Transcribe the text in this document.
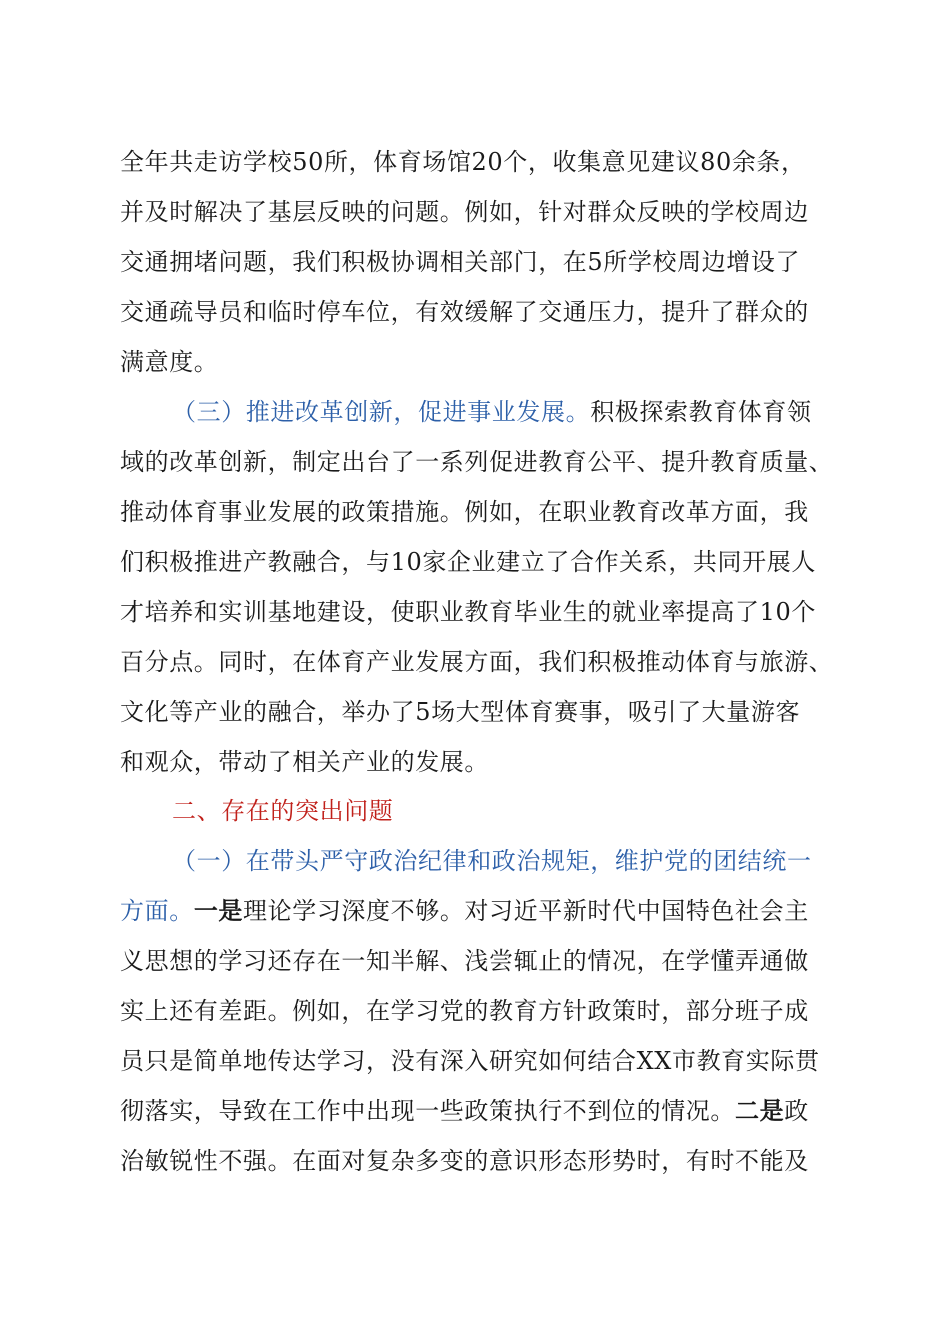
全年共走访学校50所，体育场馆20个，收集意见建议80余条，
并及时解决了基层反映的问题。例如，针对群众反映的学校周边
交通拥堵问题，我们积极协调相关部门，在5所学校周边增设了
交通疏导员和临时停车位，有效缓解了交通压力，提升了群众的
满意度。
（三）推进改革创新，促进事业发展。积极探索教育体育领
域的改革创新，制定出台了一系列促进教育公平、提升教育质量、
推动体育事业发展的政策措施。例如，在职业教育改革方面，我
们积极推进产教融合，与10家企业建立了合作关系，共同开展人
才培养和实训基地建设，使职业教育毕业生的就业率提高了10个
百分点。同时，在体育产业发展方面，我们积极推动体育与旅游、
文化等产业的融合，举办了5场大型体育赛事，吸引了大量游客
和观众，带动了相关产业的发展。
二、存在的突出问题
（一）在带头严守政治纪律和政治规矩，维护党的团结统一
方面。一是理论学习深度不够。对习近平新时代中国特色社会主
义思想的学习还存在一知半解、浅尝辄止的情况，在学懂弄通做
实上还有差距。例如，在学习党的教育方针政策时，部分班子成
员只是简单地传达学习，没有深入研究如何结合XX市教育实际贯
彻落实，导致在工作中出现一些政策执行不到位的情况。二是政
治敏锐性不强。在面对复杂多变的意识形态形势时，有时不能及
